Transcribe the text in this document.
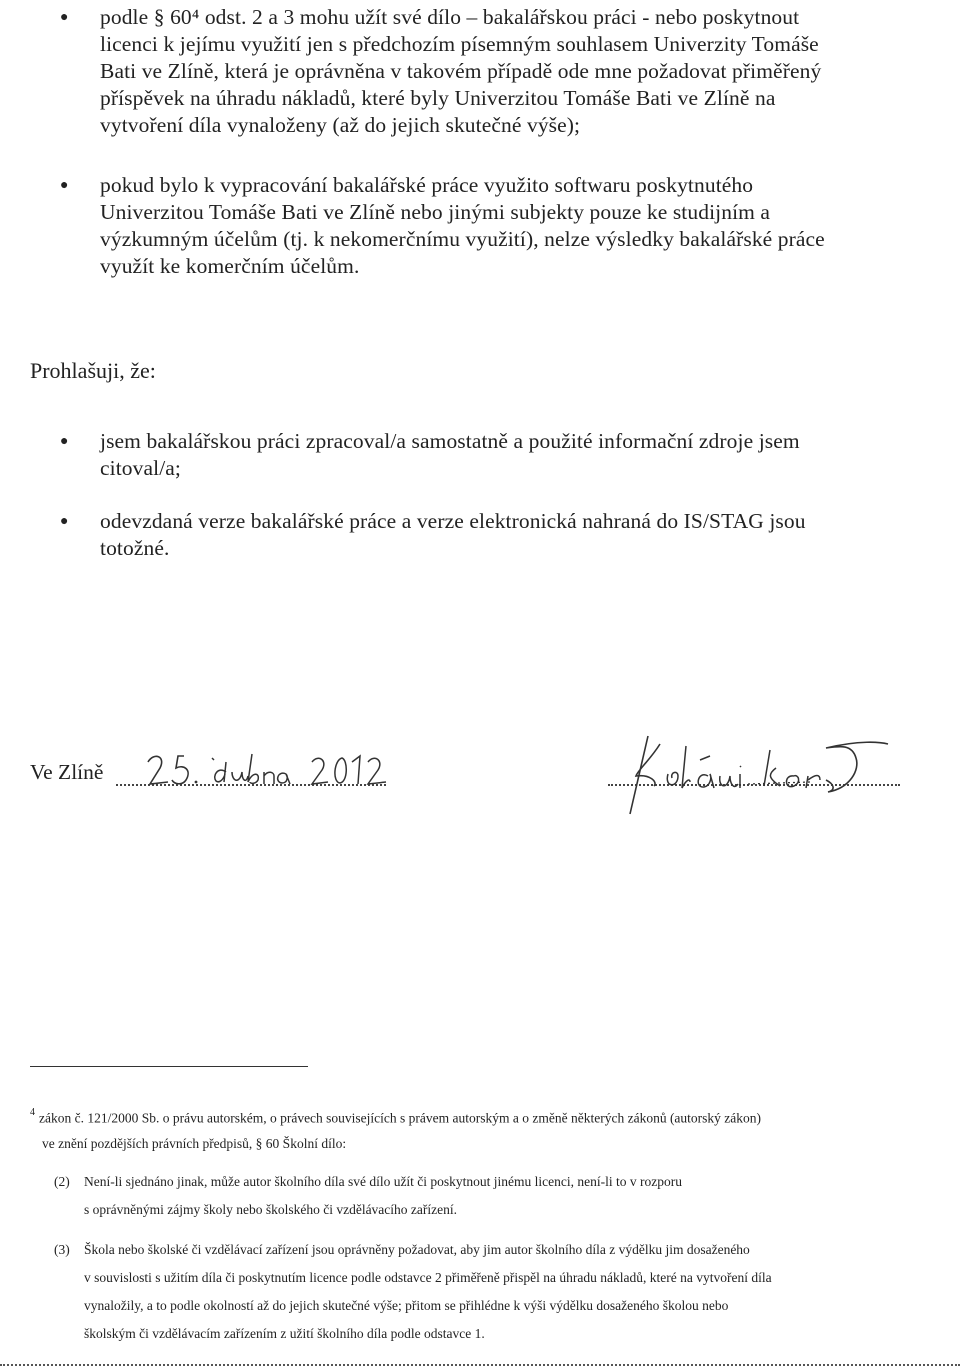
● podle § 60⁴ odst. 2 a 3 mohu užít své dílo – bakalářskou práci - nebo poskytnout
licenci k jejímu využití jen s předchozím písemným souhlasem Univerzity Tomáše
Bati ve Zlíně, která je oprávněna v takovém případě ode mne požadovat přiměřený
příspěvek na úhradu nákladů, které byly Univerzitou Tomáše Bati ve Zlíně na
vytvoření díla vynaloženy (až do jejich skutečné výše);
● pokud bylo k vypracování bakalářské práce využito softwaru poskytnutého
Univerzitou Tomáše Bati ve Zlíně nebo jinými subjekty pouze ke studijním a
výzkumným účelům (tj. k nekomerčnímu využití), nelze výsledky bakalářské práce
využít ke komerčním účelům.
Prohlašuji, že:
● jsem bakalářskou práci zpracoval/a samostatně a použité informační zdroje jsem
citoval/a;
● odevzdaná verze bakalářské práce a verze elektronická nahraná do IS/STAG jsou
totožné.
Ve Zlíně
$^4$ zákon č. 121/2000 Sb. o právu autorském, o právech souvisejících s právem autorským a o změně některých zákonů (autorský zákon)
ve znění pozdějších právních předpisů, § 60 Školní dílo:
(2) Není-li sjednáno jinak, může autor školního díla své dílo užít či poskytnout jinému licenci, není-li to v rozporu
s oprávněnými zájmy školy nebo školského či vzdělávacího zařízení.
(3) Škola nebo školské či vzdělávací zařízení jsou oprávněny požadovat, aby jim autor školního díla z výdělku jim dosaženého
v souvislosti s užitím díla či poskytnutím licence podle odstavce 2 přiměřeně přispěl na úhradu nákladů, které na vytvoření díla
vynaložily, a to podle okolností až do jejich skutečné výše; přitom se přihlédne k výši výdělku dosaženého školou nebo
školským či vzdělávacím zařízením z užití školního díla podle odstavce 1.
